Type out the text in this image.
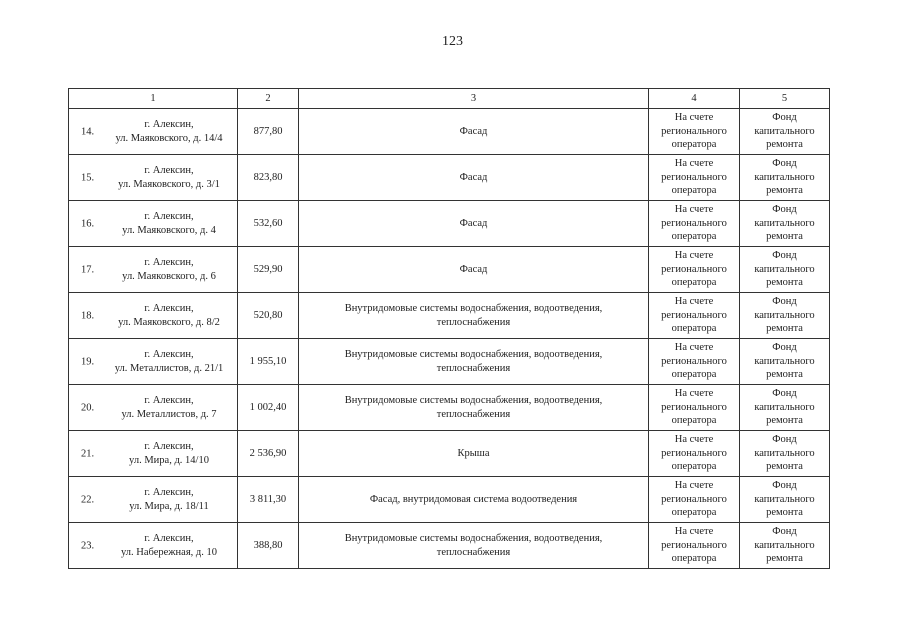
123
1	2	3	4	5

14.
г. Алексин,
ул. Маяковского, д. 14/4	877,80	Фасад	На счете
регионального
оператора	Фонд
капитального
ремонта

15.
г. Алексин,
ул. Маяковского, д. 3/1	823,80	Фасад	На счете
регионального
оператора	Фонд
капитального
ремонта

16.
г. Алексин,
ул. Маяковского, д. 4	532,60	Фасад	На счете
регионального
оператора	Фонд
капитального
ремонта

17.
г. Алексин,
ул. Маяковского, д. 6	529,90	Фасад	На счете
регионального
оператора	Фонд
капитального
ремонта

18.
г. Алексин,
ул. Маяковского, д. 8/2	520,80	Внутридомовые системы водоснабжения, водоотведения, теплоснабжения	На счете
регионального
оператора	Фонд
капитального
ремонта

19.
г. Алексин,
ул. Металлистов, д. 21/1	1 955,10	Внутридомовые системы водоснабжения, водоотведения, теплоснабжения	На счете
регионального
оператора	Фонд
капитального
ремонта

20.
г. Алексин,
ул. Металлистов, д. 7	1 002,40	Внутридомовые системы водоснабжения, водоотведения, теплоснабжения	На счете
регионального
оператора	Фонд
капитального
ремонта

21.
г. Алексин,
ул. Мира, д. 14/10	2 536,90	Крыша	На счете
регионального
оператора	Фонд
капитального
ремонта

22.
г. Алексин,
ул. Мира, д. 18/11	3 811,30	Фасад, внутридомовая система водоотведения	На счете
регионального
оператора	Фонд
капитального
ремонта

23.
г. Алексин,
ул. Набережная, д. 10	388,80	Внутридомовые системы водоснабжения, водоотведения, теплоснабжения	На счете
регионального
оператора	Фонд
капитального
ремонта
